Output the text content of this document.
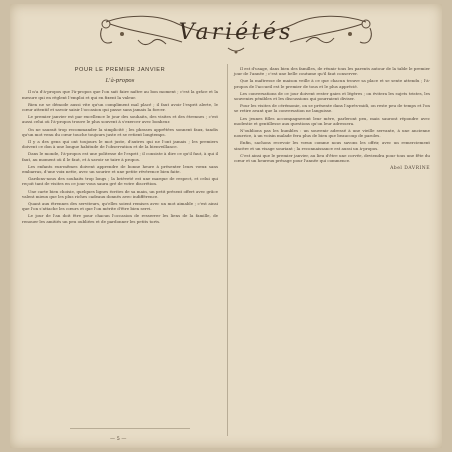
Variétés
POUR LE PREMIER JANVIER
L'à-propos

Il n'a d'à-propos que l'à-propos que l'on sait faire naître au bon moment ; c'est la grâce et la mesure qui en règlent l'emploi et qui en fixent la valeur.

Rien ne se démode aussi vite qu'un compliment mal placé ; il faut avoir l'esprit alerte, le cœur attentif et savoir saisir l'occasion qui passe sans jamais la forcer.

Le premier janvier est par excellence le jour des souhaits, des visites et des étrennes ; c'est aussi celui où l'à-propos trouve le plus souvent à s'exercer avec bonheur.

On ne saurait trop recommander la simplicité ; les phrases apprêtées sonnent faux, tandis qu'un mot venu du cœur touche toujours juste et se retient longtemps.

Il y a des gens qui ont toujours le mot juste, d'autres qui ne l'ont jamais ; les premiers doivent ce don à une longue habitude de l'observation et de la bienveillance.

Dans le monde, l'à-propos est une politesse de l'esprit ; il consiste à dire ce qu'il faut, à qui il faut, au moment où il le faut, et à savoir se taire à propos.

Les enfants eux-mêmes doivent apprendre de bonne heure à présenter leurs vœux sans embarras, d'une voix nette, avec un sourire et une petite révérence bien faite.

Gardons-nous des souhaits trop longs ; la brièveté est une marque de respect, et celui qui reçoit tant de visites en ce jour vous saura gré de votre discrétion.

Une carte bien choisie, quelques lignes écrites de sa main, un petit présent offert avec grâce valent mieux que les plus riches cadeaux donnés avec indifférence.

Quant aux étrennes des serviteurs, qu'elles soient remises avec un mot aimable ; c'est ainsi que l'on s'attache les cœurs et que l'on mérite d'être bien servi.

Le jour de l'an doit être pour chacun l'occasion de resserrer les liens de la famille, de renouer les amitiés un peu oubliées et de pardonner les petits torts.

Il est d'usage, dans bien des familles, de réunir tous les parents autour de la table le premier jour de l'année ; c'est une belle coutume qu'il faut conserver.

Que la maîtresse de maison veille à ce que chacun trouve sa place et se sente attendu ; l'à-propos de l'accueil est le premier de tous et le plus apprécié.

Les conversations de ce jour doivent rester gaies et légères ; on évitera les sujets tristes, les souvenirs pénibles et les discussions qui pourraient diviser.

Pour les visites de cérémonie, on se présente dans l'après-midi, on reste peu de temps et l'on se retire avant que la conversation ne languisse.

Les jeunes filles accompagneront leur mère, parleront peu, mais sauront répondre avec modestie et gentillesse aux questions qu'on leur adressera.

N'oublions pas les humbles : un souvenir adressé à une vieille servante, à une ancienne nourrice, à un voisin malade fera plus de bien que beaucoup de paroles.

Enfin, sachons recevoir les vœux comme nous savons les offrir, avec un remerciement sincère et un visage souriant ; la reconnaissance est aussi un à-propos.

C'est ainsi que le premier janvier, au lieu d'être une corvée, deviendra pour tous une fête du cœur et un heureux présage pour l'année qui commence.

Abel DAVRINE
— 5 —
